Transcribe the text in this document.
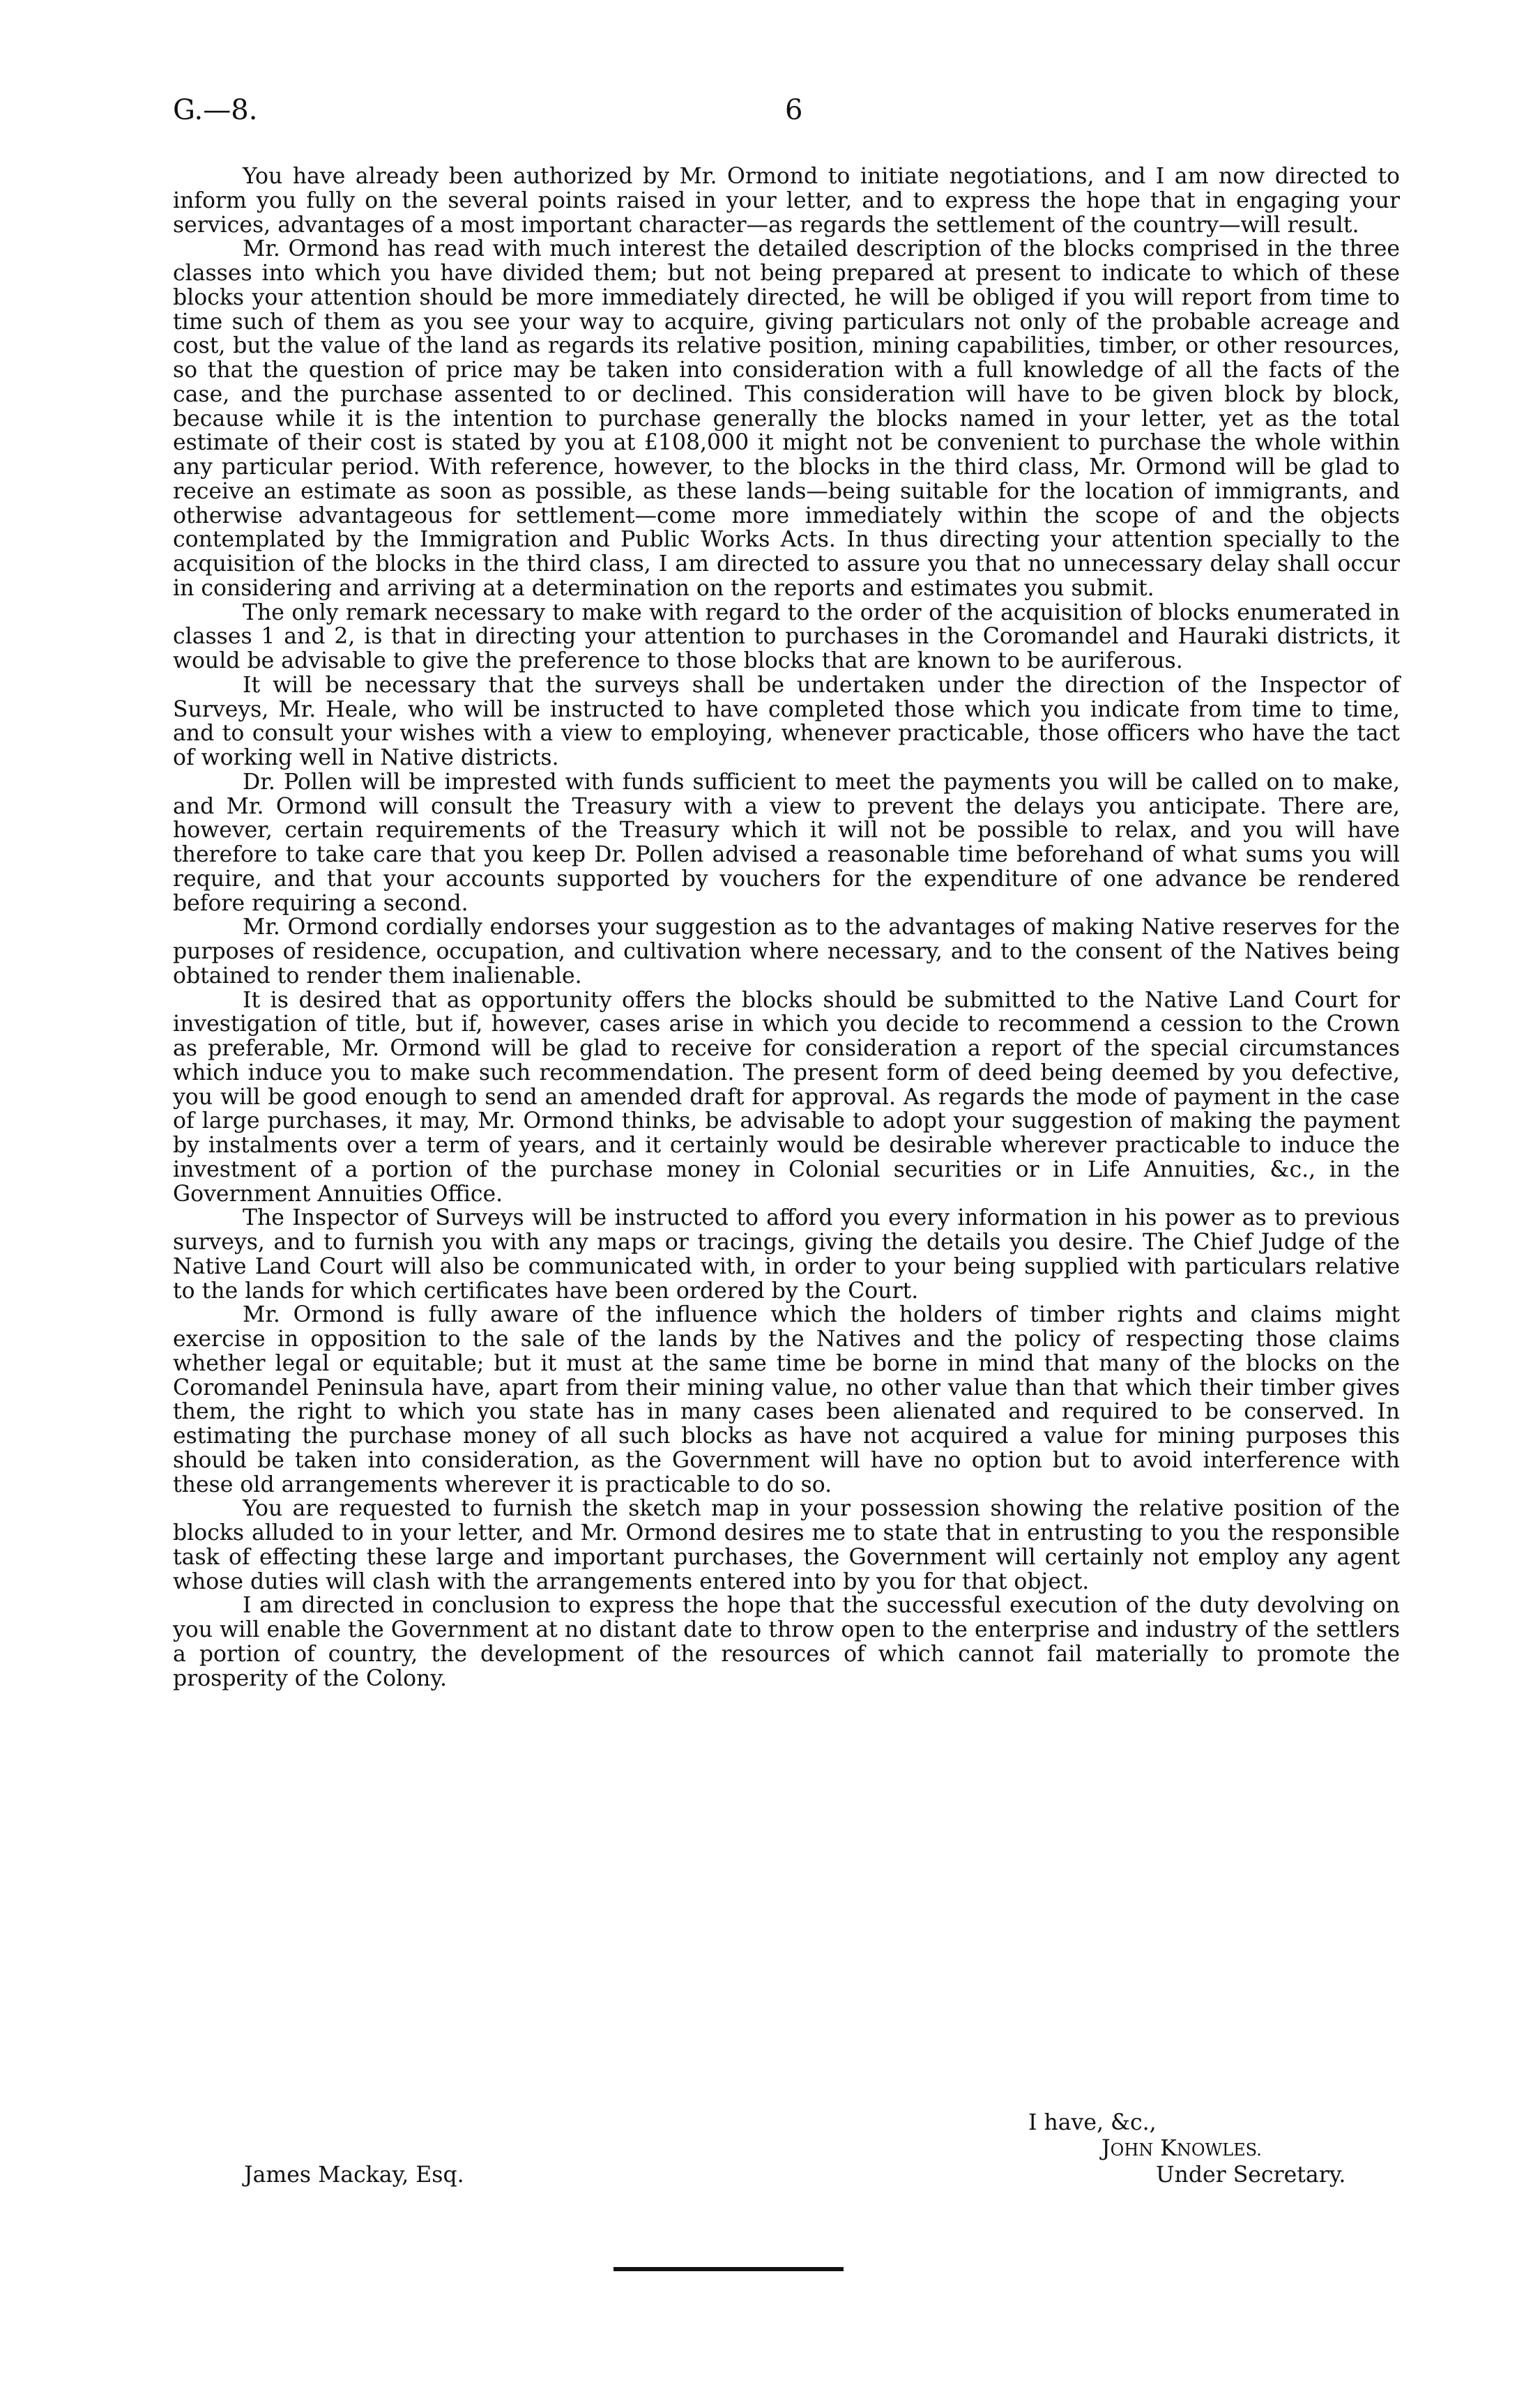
G.—8.	6

You have already been authorized by Mr. Ormond to initiate negotiations, and I am now directed to inform you fully on the several points raised in your letter, and to express the hope that in engaging your services, advantages of a most important character—as regards the settlement of the country—will result.

Mr. Ormond has read with much interest the detailed description of the blocks comprised in the three classes into which you have divided them; but not being prepared at present to indicate to which of these blocks your attention should be more immediately directed, he will be obliged if you will report from time to time such of them as you see your way to acquire, giving particulars not only of the probable acreage and cost, but the value of the land as regards its relative position, mining capabilities, timber, or other resources, so that the question of price may be taken into consideration with a full knowledge of all the facts of the case, and the purchase assented to or declined. This consideration will have to be given block by block, because while it is the intention to purchase generally the blocks named in your letter, yet as the total estimate of their cost is stated by you at £108,000 it might not be convenient to purchase the whole within any particular period. With reference, however, to the blocks in the third class, Mr. Ormond will be glad to receive an estimate as soon as possible, as these lands—being suitable for the location of immigrants, and otherwise advantageous for settlement—come more immediately within the scope of and the objects contemplated by the Immigration and Public Works Acts. In thus directing your attention specially to the acquisition of the blocks in the third class, I am directed to assure you that no unnecessary delay shall occur in considering and arriving at a determination on the reports and estimates you submit.

The only remark necessary to make with regard to the order of the acquisition of blocks enumerated in classes 1 and 2, is that in directing your attention to purchases in the Coromandel and Hauraki districts, it would be advisable to give the preference to those blocks that are known to be auriferous.

It will be necessary that the surveys shall be undertaken under the direction of the Inspector of Surveys, Mr. Heale, who will be instructed to have completed those which you indicate from time to time, and to consult your wishes with a view to employing, whenever practicable, those officers who have the tact of working well in Native districts.

Dr. Pollen will be imprested with funds sufficient to meet the payments you will be called on to make, and Mr. Ormond will consult the Treasury with a view to prevent the delays you anticipate. There are, however, certain requirements of the Treasury which it will not be possible to relax, and you will have therefore to take care that you keep Dr. Pollen advised a reasonable time beforehand of what sums you will require, and that your accounts supported by vouchers for the expenditure of one advance be rendered before requiring a second.

Mr. Ormond cordially endorses your suggestion as to the advantages of making Native reserves for the purposes of residence, occupation, and cultivation where necessary, and to the consent of the Natives being obtained to render them inalienable.

It is desired that as opportunity offers the blocks should be submitted to the Native Land Court for investigation of title, but if, however, cases arise in which you decide to recommend a cession to the Crown as preferable, Mr. Ormond will be glad to receive for consideration a report of the special circumstances which induce you to make such recommendation. The present form of deed being deemed by you defective, you will be good enough to send an amended draft for approval. As regards the mode of payment in the case of large purchases, it may, Mr. Ormond thinks, be advisable to adopt your suggestion of making the payment by instalments over a term of years, and it certainly would be desirable wherever practicable to induce the investment of a portion of the purchase money in Colonial securities or in Life Annuities, &c., in the Government Annuities Office.

The Inspector of Surveys will be instructed to afford you every information in his power as to previous surveys, and to furnish you with any maps or tracings, giving the details you desire. The Chief Judge of the Native Land Court will also be communicated with, in order to your being supplied with particulars relative to the lands for which certificates have been ordered by the Court.

Mr. Ormond is fully aware of the influence which the holders of timber rights and claims might exercise in opposition to the sale of the lands by the Natives and the policy of respecting those claims whether legal or equitable; but it must at the same time be borne in mind that many of the blocks on the Coromandel Peninsula have, apart from their mining value, no other value than that which their timber gives them, the right to which you state has in many cases been alienated and required to be conserved. In estimating the purchase money of all such blocks as have not acquired a value for mining purposes this should be taken into consideration, as the Government will have no option but to avoid interference with these old arrangements wherever it is practicable to do so.

You are requested to furnish the sketch map in your possession showing the relative position of the blocks alluded to in your letter, and Mr. Ormond desires me to state that in entrusting to you the responsible task of effecting these large and important purchases, the Government will certainly not employ any agent whose duties will clash with the arrangements entered into by you for that object.

I am directed in conclusion to express the hope that the successful execution of the duty devolving on you will enable the Government at no distant date to throw open to the enterprise and industry of the settlers a portion of country, the development of the resources of which cannot fail materially to promote the prosperity of the Colony.

I have, &c.,
JOHN KNOWLES.
James Mackay, Esq.	Under Secretary.
